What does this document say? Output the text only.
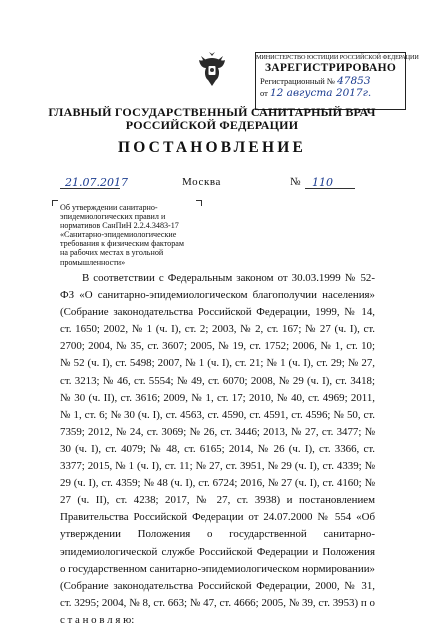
МИНИСТЕРСТВО ЮСТИЦИИ РОССИЙСКОЙ ФЕДЕРАЦИИ
ЗАРЕГИСТРИРОВАНО
Регистрационный № 47853
от 12 августа 2017г.
ГЛАВНЫЙ ГОСУДАРСТВЕННЫЙ САНИТАРНЫЙ ВРАЧ
РОССИЙСКОЙ ФЕДЕРАЦИИ
ПОСТАНОВЛЕНИЕ
21.07.2017	Москва	№ 110
Об утверждении санитарно-эпидемиологических правил и нормативов СанПиН 2.2.4.3483-17 «Санитарно-эпидемиологические требования к физическим факторам на рабочих местах в угольной промышленности»
В соответствии с Федеральным законом от 30.03.1999 № 52-ФЗ «О санитарно-эпидемиологическом благополучии населения» (Собрание законодательства Российской Федерации, 1999, № 14, ст. 1650; 2002, № 1 (ч. I), ст. 2; 2003, № 2, ст. 167; № 27 (ч. I), ст. 2700; 2004, № 35, ст. 3607; 2005, № 19, ст. 1752; 2006, № 1, ст. 10; № 52 (ч. I), ст. 5498; 2007, № 1 (ч. I), ст. 21; № 1 (ч. I), ст. 29; № 27, ст. 3213; № 46, ст. 5554; № 49, ст. 6070; 2008, № 29 (ч. I), ст. 3418; № 30 (ч. II), ст. 3616; 2009, № 1, ст. 17; 2010, № 40, ст. 4969; 2011, № 1, ст. 6; № 30 (ч. I), ст. 4563, ст. 4590, ст. 4591, ст. 4596; № 50, ст. 7359; 2012, № 24, ст. 3069; № 26, ст. 3446; 2013, № 27, ст. 3477; № 30 (ч. I), ст. 4079; № 48, ст. 6165; 2014, № 26 (ч. I), ст. 3366, ст. 3377; 2015, № 1 (ч. I), ст. 11; № 27, ст. 3951, № 29 (ч. I), ст. 4339; № 29 (ч. I), ст. 4359; № 48 (ч. I), ст. 6724; 2016, № 27 (ч. I), ст. 4160; № 27 (ч. II), ст. 4238; 2017, № 27, ст. 3938) и постановлением Правительства Российской Федерации от 24.07.2000 № 554 «Об утверждении Положения о государственной санитарно-эпидемиологической службе Российской Федерации и Положения о государственном санитарно-эпидемиологическом нормировании» (Собрание законодательства Российской Федерации, 2000, № 31, ст. 3295; 2004, № 8, ст. 663; № 47, ст. 4666; 2005, № 39, ст. 3953) п о с т а н о в л я ю:
